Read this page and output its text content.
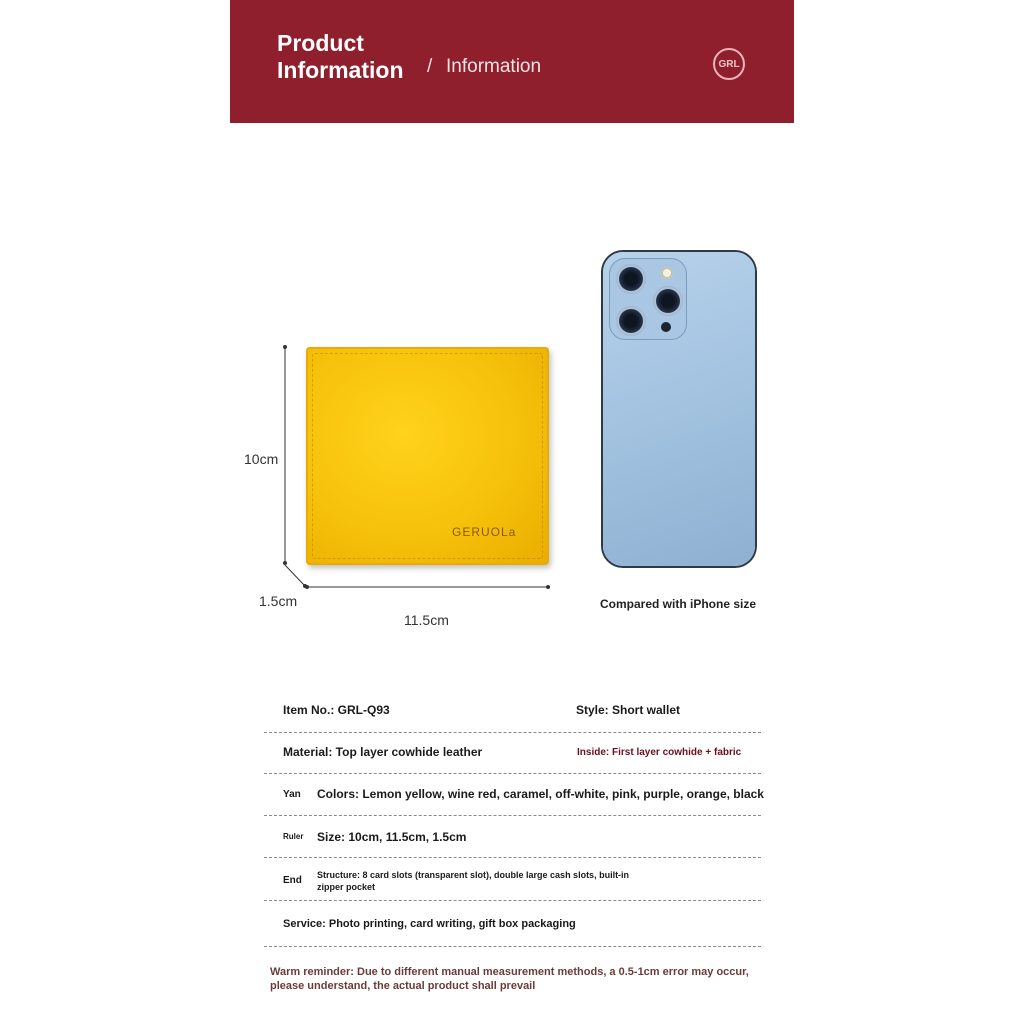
Product
Information / Information	GRL
10cm
1.5cm
11.5cm
GERUOLa
Compared with iPhone size
Item No.: GRL-Q93	Style: Short wallet
Material: Top layer cowhide leather	Inside: First layer cowhide + fabric
Yan Colors: Lemon yellow, wine red, caramel, off-white, pink, purple, orange, black
Ruler Size: 10cm, 11.5cm, 1.5cm
End Structure: 8 card slots (transparent slot), double large cash slots, built-in
zipper pocket
Service: Photo printing, card writing, gift box packaging
Warm reminder: Due to different manual measurement methods, a 0.5-1cm error may occur,
please understand, the actual product shall prevail
